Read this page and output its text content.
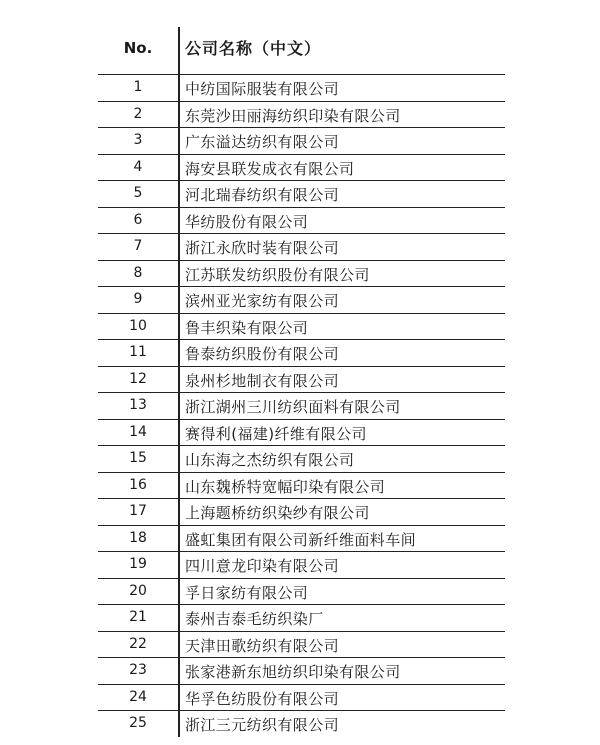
No.	公司名称（中文）
1	中纺国际服装有限公司
2	东莞沙田丽海纺织印染有限公司
3	广东溢达纺织有限公司
4	海安县联发成衣有限公司
5	河北瑞春纺织有限公司
6	华纺股份有限公司
7	浙江永欣时装有限公司
8	江苏联发纺织股份有限公司
9	滨州亚光家纺有限公司
10	鲁丰织染有限公司
11	鲁泰纺织股份有限公司
12	泉州杉地制衣有限公司
13	浙江湖州三川纺织面料有限公司
14	赛得利(福建)纤维有限公司
15	山东海之杰纺织有限公司
16	山东魏桥特宽幅印染有限公司
17	上海题桥纺织染纱有限公司
18	盛虹集团有限公司新纤维面料车间
19	四川意龙印染有限公司
20	孚日家纺有限公司
21	泰州吉泰毛纺织染厂
22	天津田歌纺织有限公司
23	张家港新东旭纺织印染有限公司
24	华孚色纺股份有限公司
25	浙江三元纺织有限公司
